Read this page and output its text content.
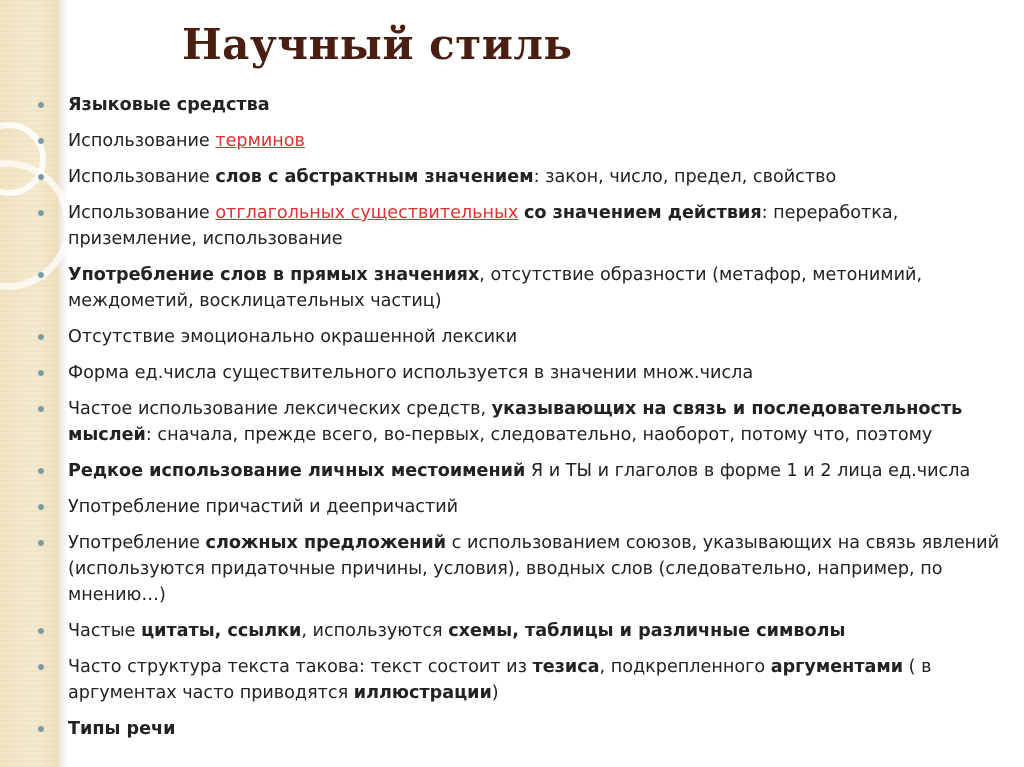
Научный стиль
Языковые средства
Использование терминов
Использование слов с абстрактным значением: закон, число, предел, свойство
Использование отглагольных существительных со значением действия: переработка,
приземление, использование
Употребление слов в прямых значениях, отсутствие образности (метафор, метонимий,
междометий, восклицательных частиц)
Отсутствие эмоционально окрашенной лексики
Форма ед.числа существительного используется в значении множ.числа
Частое использование лексических средств, указывающих на связь и последовательность
мыслей: сначала, прежде всего, во-первых, следовательно, наоборот, потому что, поэтому
Редкое использование личных местоимений Я и ТЫ и глаголов в форме 1 и 2 лица ед.числа
Употребление причастий и деепричастий
Употребление сложных предложений с использованием союзов, указывающих на связь явлений
(используются придаточные причины, условия), вводных слов (следовательно, например, по
мнению…)
Частые цитаты, ссылки, используются схемы, таблицы и различные символы
Часто структура текста такова: текст состоит из тезиса, подкрепленного аргументами ( в
аргументах часто приводятся иллюстрации)
Типы речи
